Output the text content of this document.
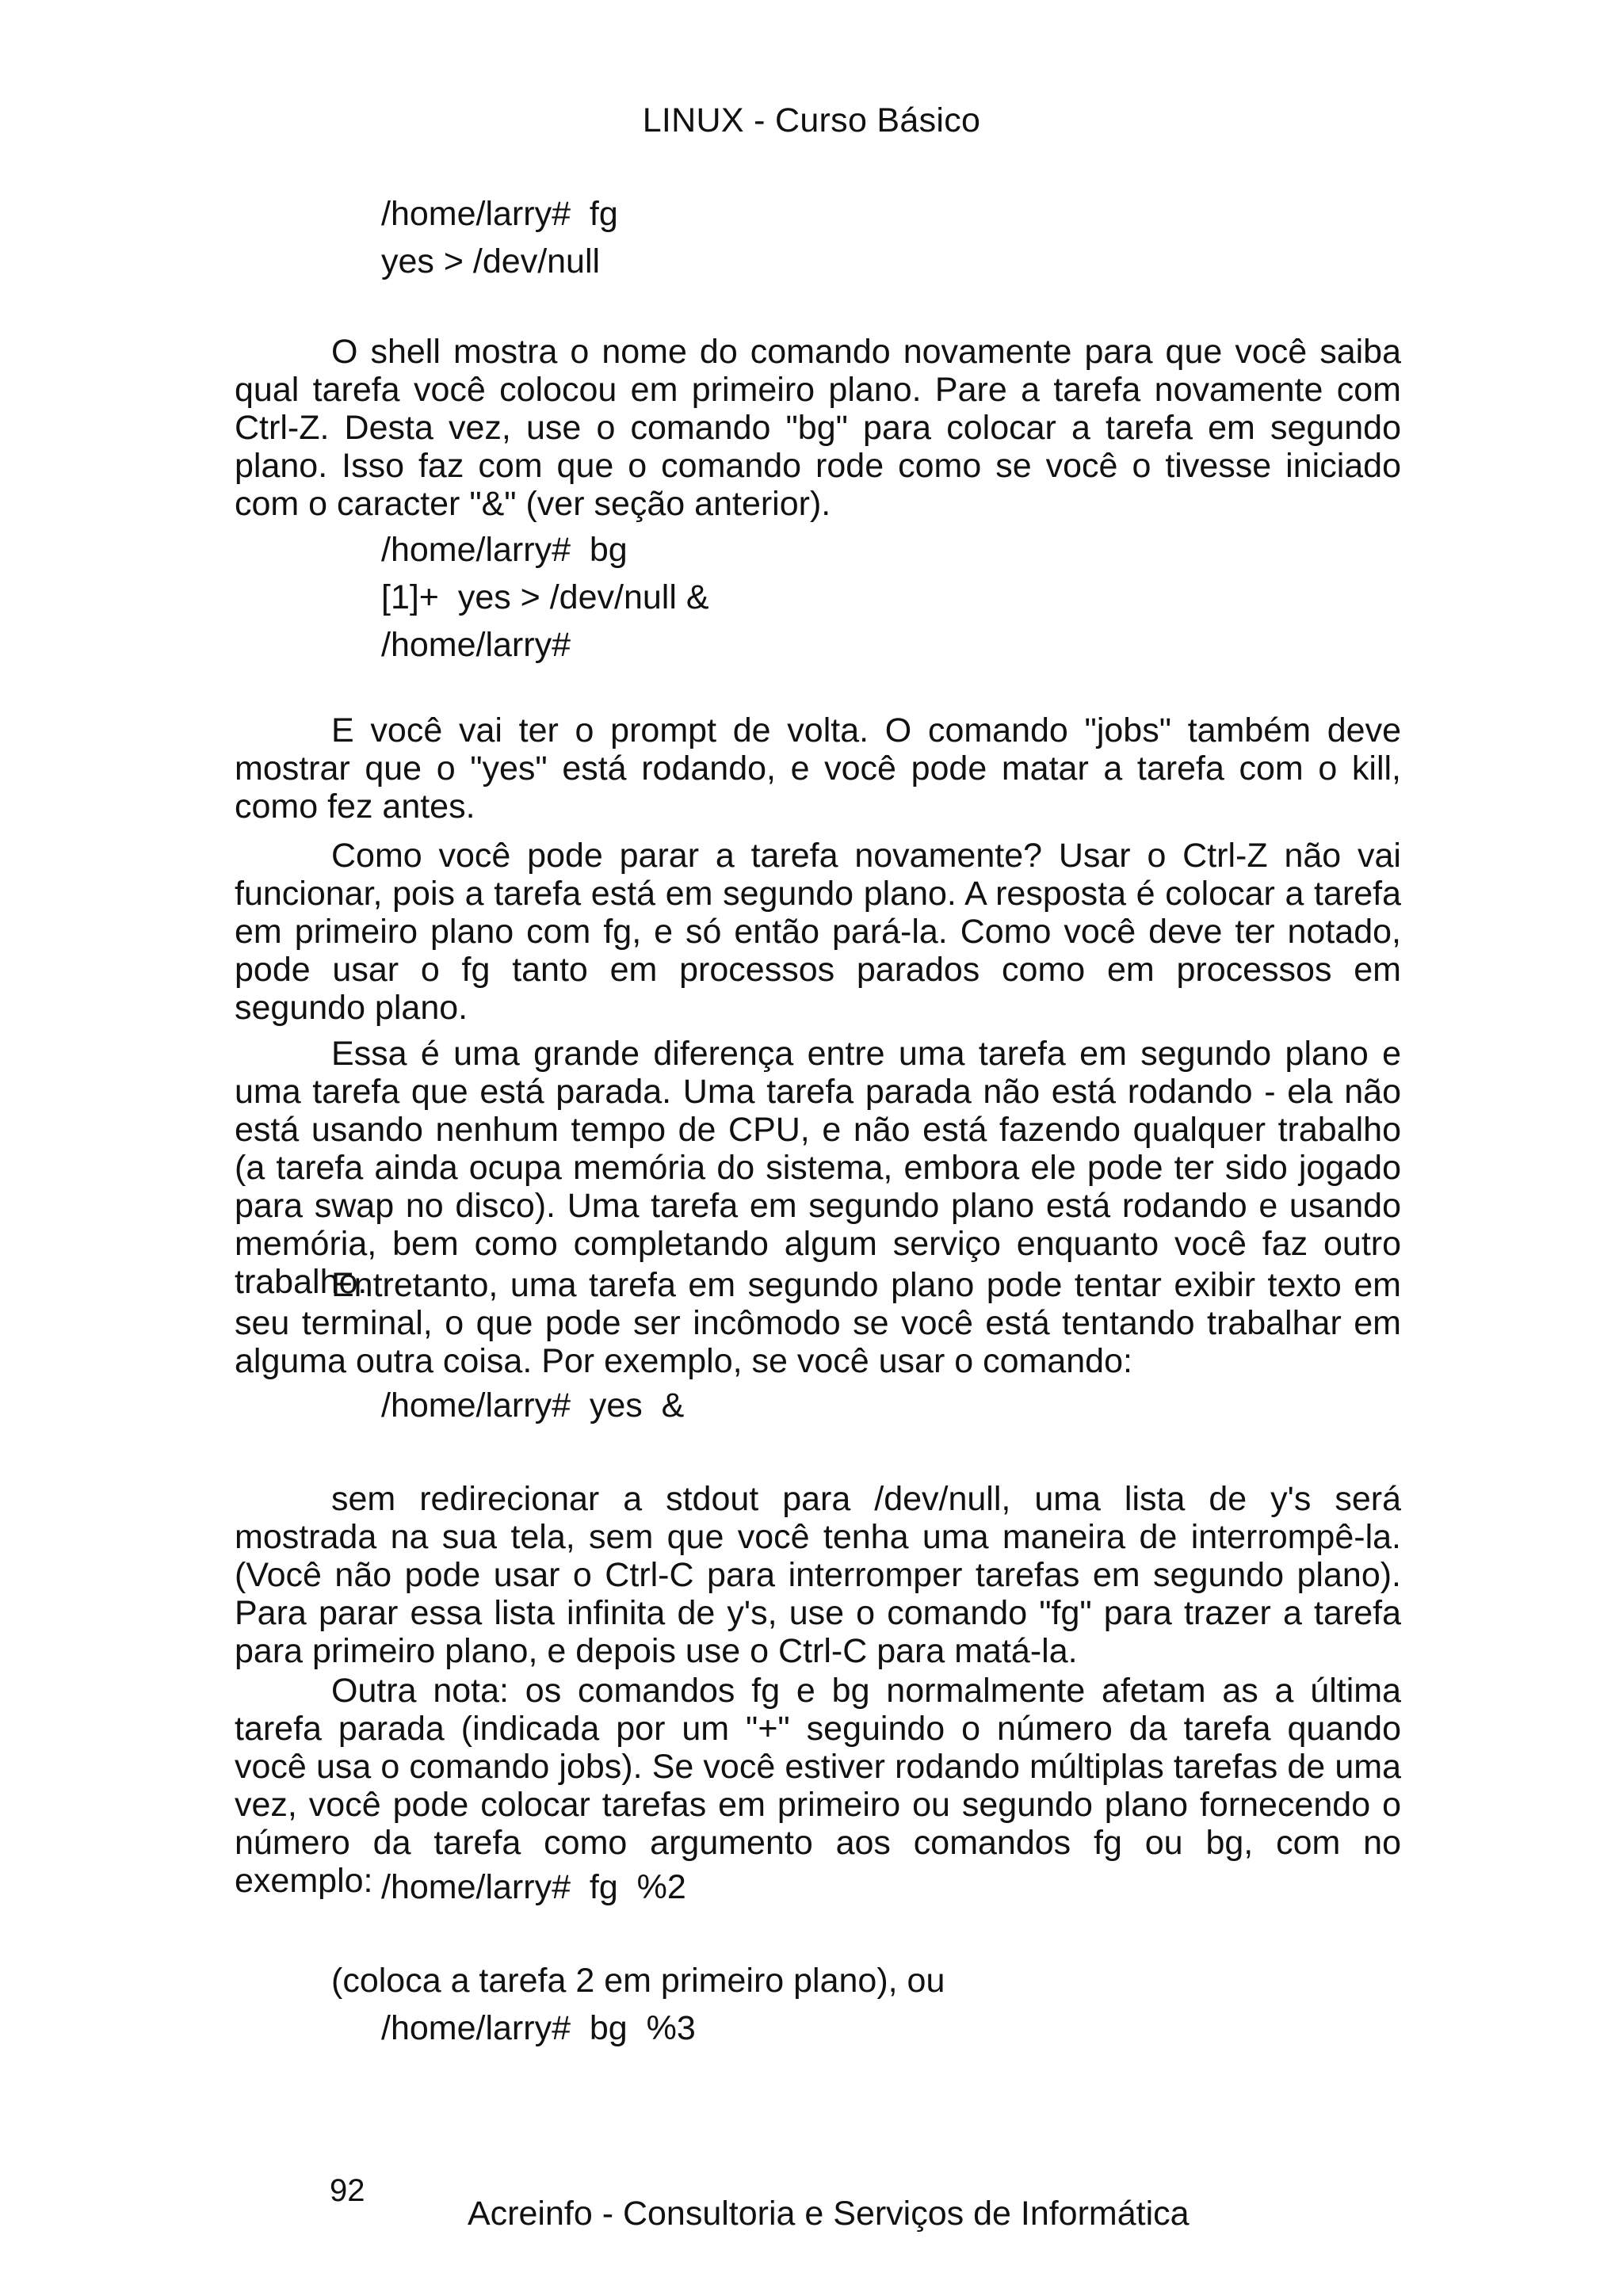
LINUX - Curso Básico
/home/larry#  fg
yes > /dev/null

O shell mostra o nome do comando novamente para que você saiba qual tarefa você colocou em primeiro plano. Pare a tarefa novamente com Ctrl-Z. Desta vez, use o comando "bg" para colocar a tarefa em segundo plano. Isso faz com que o comando rode como se você o tivesse iniciado com o caracter "&" (ver seção anterior).

/home/larry#  bg
[1]+  yes > /dev/null &
/home/larry#

E você vai ter o prompt de volta. O comando "jobs" também deve mostrar que o "yes" está rodando, e você pode matar a tarefa com o kill, como fez antes.

Como você pode parar a tarefa novamente? Usar o Ctrl-Z não vai funcionar, pois a tarefa está em segundo plano. A resposta é colocar a tarefa em primeiro plano com fg, e só então pará-la. Como você deve ter notado, pode usar o fg tanto em processos parados como em processos em segundo plano.

Essa é uma grande diferença entre uma tarefa em segundo plano e uma tarefa que está parada. Uma tarefa parada não está rodando - ela não está usando nenhum tempo de CPU, e não está fazendo qualquer trabalho (a tarefa ainda ocupa memória do sistema, embora ele pode ter sido jogado para swap no disco). Uma tarefa em segundo plano está rodando e usando memória, bem como completando algum serviço enquanto você faz outro trabalho.

Entretanto, uma tarefa em segundo plano pode tentar exibir texto em seu terminal, o que pode ser incômodo se você está tentando trabalhar em alguma outra coisa. Por exemplo, se você usar o comando:

/home/larry#  yes  &

sem redirecionar a stdout para /dev/null, uma lista de y's será mostrada na sua tela, sem que você tenha uma maneira de interrompê-la. (Você não pode usar o Ctrl-C para interromper tarefas em segundo plano). Para parar essa lista infinita de y's, use o comando "fg" para trazer a tarefa para primeiro plano, e depois use o Ctrl-C para matá-la.

Outra nota: os comandos fg e bg normalmente afetam as a última tarefa parada (indicada por um "+" seguindo o número da tarefa quando você usa o comando jobs). Se você estiver rodando múltiplas tarefas de uma vez, você pode colocar tarefas em primeiro ou segundo plano fornecendo o número da tarefa como argumento aos comandos fg ou bg, com no exemplo: /home/larry#  fg  %2
(coloca a tarefa 2 em primeiro plano), ou
/home/larry#  bg  %3
92
Acreinfo - Consultoria e Serviços de Informática
